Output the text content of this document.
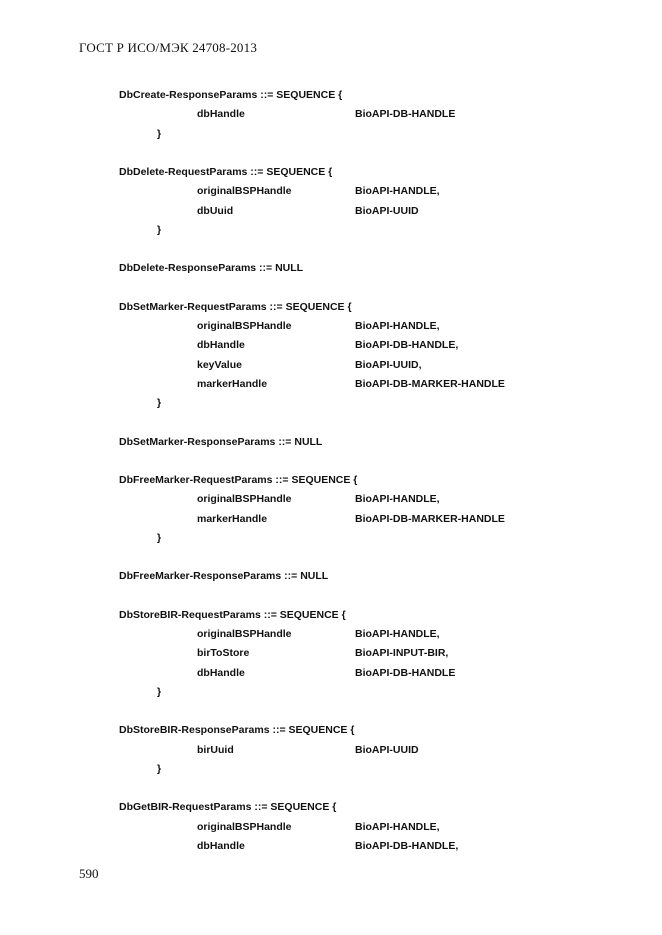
ГОСТ Р ИСО/МЭК 24708-2013
DbCreate-ResponseParams ::= SEQUENCE {
dbHandle	BioAPI-DB-HANDLE
}
DbDelete-RequestParams ::= SEQUENCE {
originalBSPHandle	BioAPI-HANDLE,
dbUuid	BioAPI-UUID
}
DbDelete-ResponseParams ::= NULL
DbSetMarker-RequestParams ::= SEQUENCE {
originalBSPHandle	BioAPI-HANDLE,
dbHandle	BioAPI-DB-HANDLE,
keyValue	BioAPI-UUID,
markerHandle	BioAPI-DB-MARKER-HANDLE
}
DbSetMarker-ResponseParams ::= NULL
DbFreeMarker-RequestParams ::= SEQUENCE {
originalBSPHandle	BioAPI-HANDLE,
markerHandle	BioAPI-DB-MARKER-HANDLE
}
DbFreeMarker-ResponseParams ::= NULL
DbStoreBIR-RequestParams ::= SEQUENCE {
originalBSPHandle	BioAPI-HANDLE,
birToStore	BioAPI-INPUT-BIR,
dbHandle	BioAPI-DB-HANDLE
}
DbStoreBIR-ResponseParams ::= SEQUENCE {
birUuid	BioAPI-UUID
}
DbGetBIR-RequestParams ::= SEQUENCE {
originalBSPHandle	BioAPI-HANDLE,
dbHandle	BioAPI-DB-HANDLE,
590
